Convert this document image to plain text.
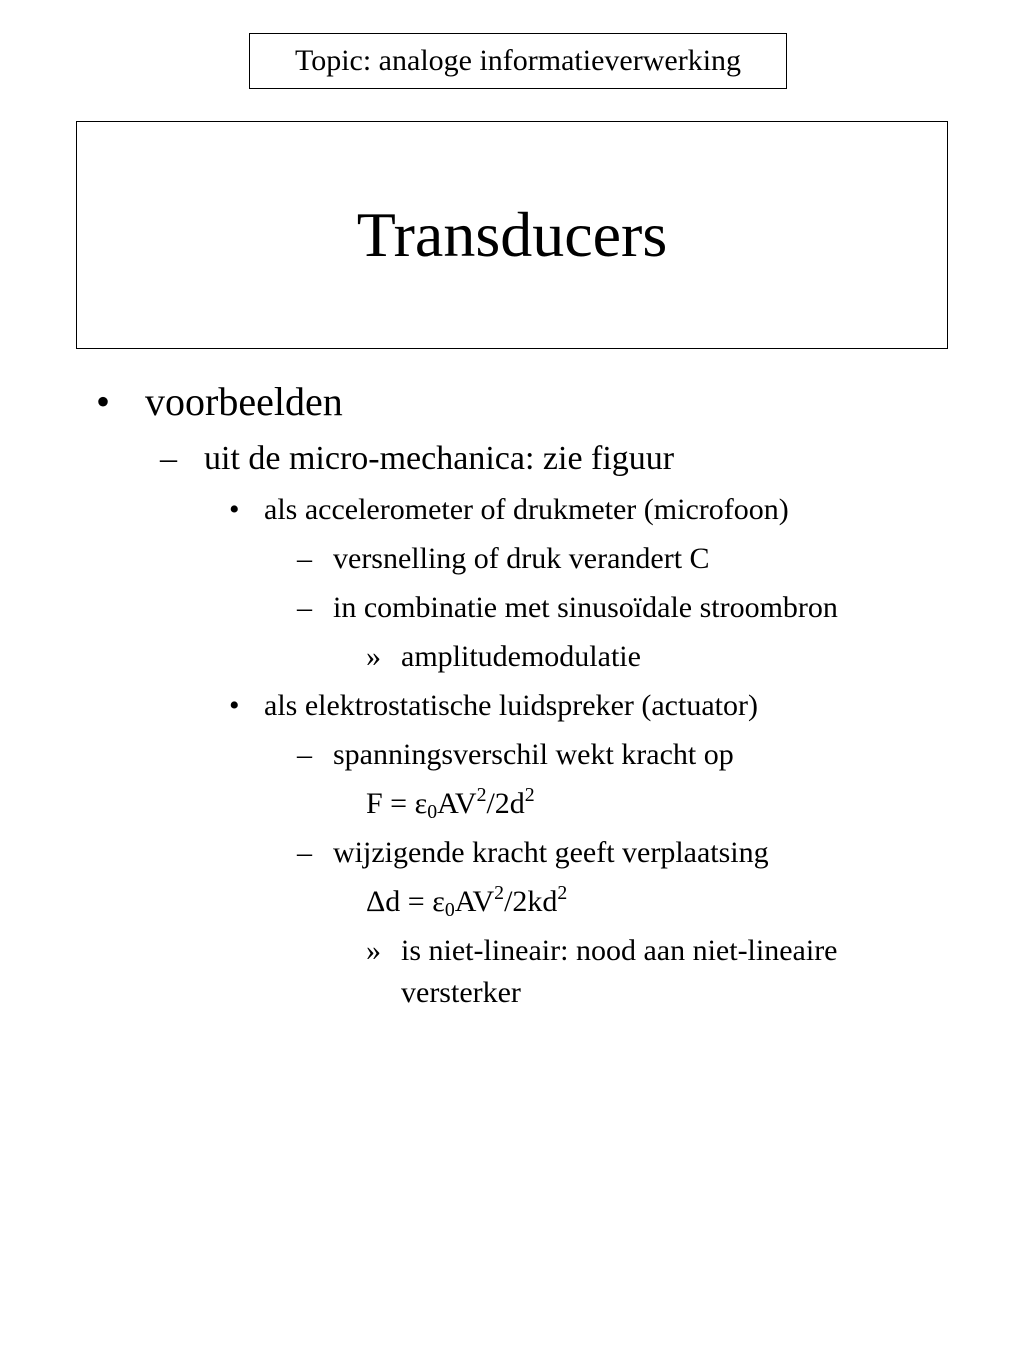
Topic: analoge informatieverwerking
Transducers
• voorbeelden
– uit de micro-mechanica: zie figuur
• als accelerometer of drukmeter (microfoon)
– versnelling of druk verandert C
– in combinatie met sinusoïdale stroombron
» amplitudemodulatie
• als elektrostatische luidspreker (actuator)
– spanningsverschil wekt kracht op
$F = \varepsilon_0AV^2/2d^2$
– wijzigende kracht geeft verplaatsing
$\Delta d = \varepsilon_0AV^2/2kd^2$
» is niet-lineair: nood aan niet-lineaire
versterker
